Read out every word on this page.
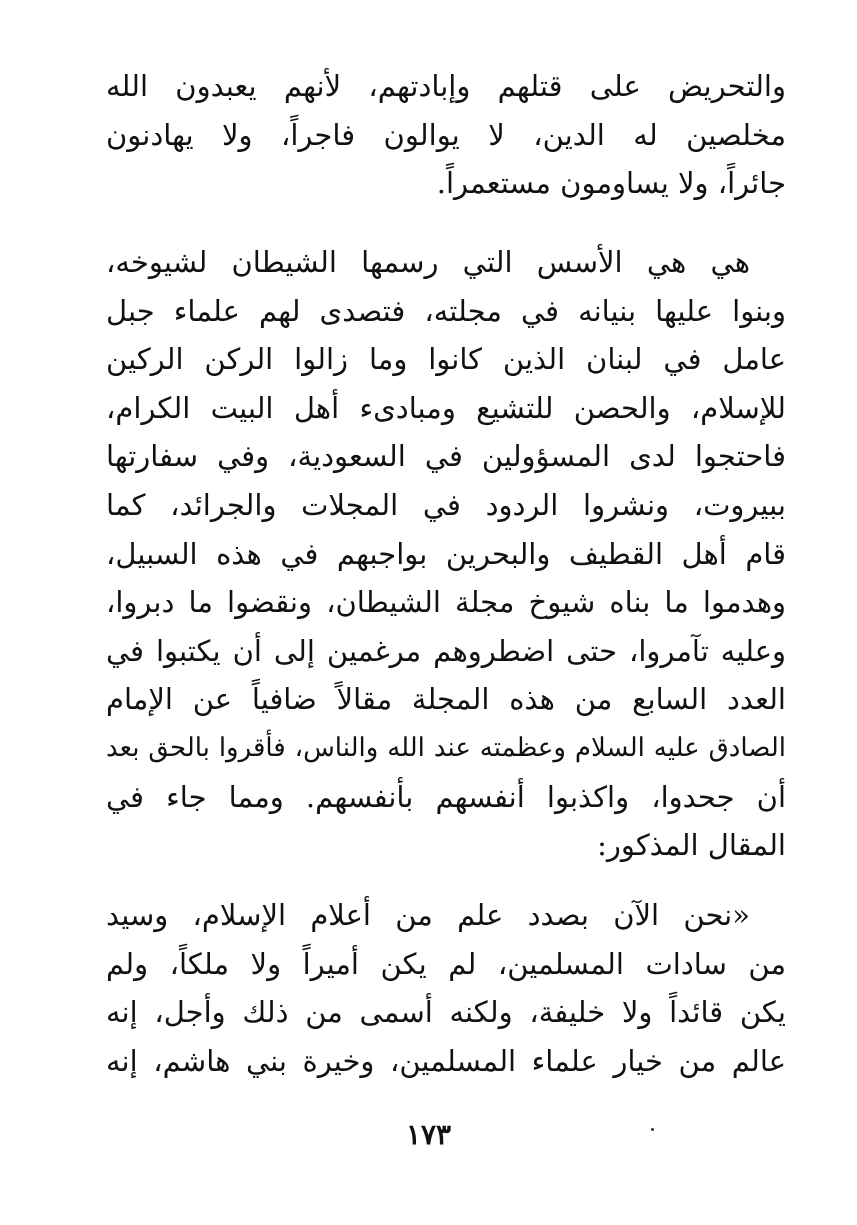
والتحريض على قتلهم وإبادتهم، لأنهم يعبدون الله
مخلصين له الدين، لا يوالون فاجراً، ولا يهادنون
جائراً، ولا يساومون مستعمراً.
هي هي الأسس التي رسمها الشيطان لشيوخه،
وبنوا عليها بنيانه في مجلته، فتصدى لهم علماء جبل
عامل في لبنان الذين كانوا وما زالوا الركن الركين
للإسلام، والحصن للتشيع ومبادىء أهل البيت الكرام،
فاحتجوا لدى المسؤولين في السعودية، وفي سفارتها
ببيروت، ونشروا الردود في المجلات والجرائد، كما
قام أهل القطيف والبحرين بواجبهم في هذه السبيل،
وهدموا ما بناه شيوخ مجلة الشيطان، ونقضوا ما دبروا،
وعليه تآمروا، حتى اضطروهم مرغمين إلى أن يكتبوا في
العدد السابع من هذه المجلة مقالاً ضافياً عن الإمام
الصادق عليه السلام وعظمته عند الله والناس، فأقروا بالحق بعد
أن جحدوا، واكذبوا أنفسهم بأنفسهم. ومما جاء في
المقال المذكور:
«نحن الآن بصدد علم من أعلام الإسلام، وسيد
من سادات المسلمين، لم يكن أميراً ولا ملكاً، ولم
يكن قائداً ولا خليفة، ولكنه أسمى من ذلك وأجل، إنه
عالم من خيار علماء المسلمين، وخيرة بني هاشم، إنه
١٧٣
